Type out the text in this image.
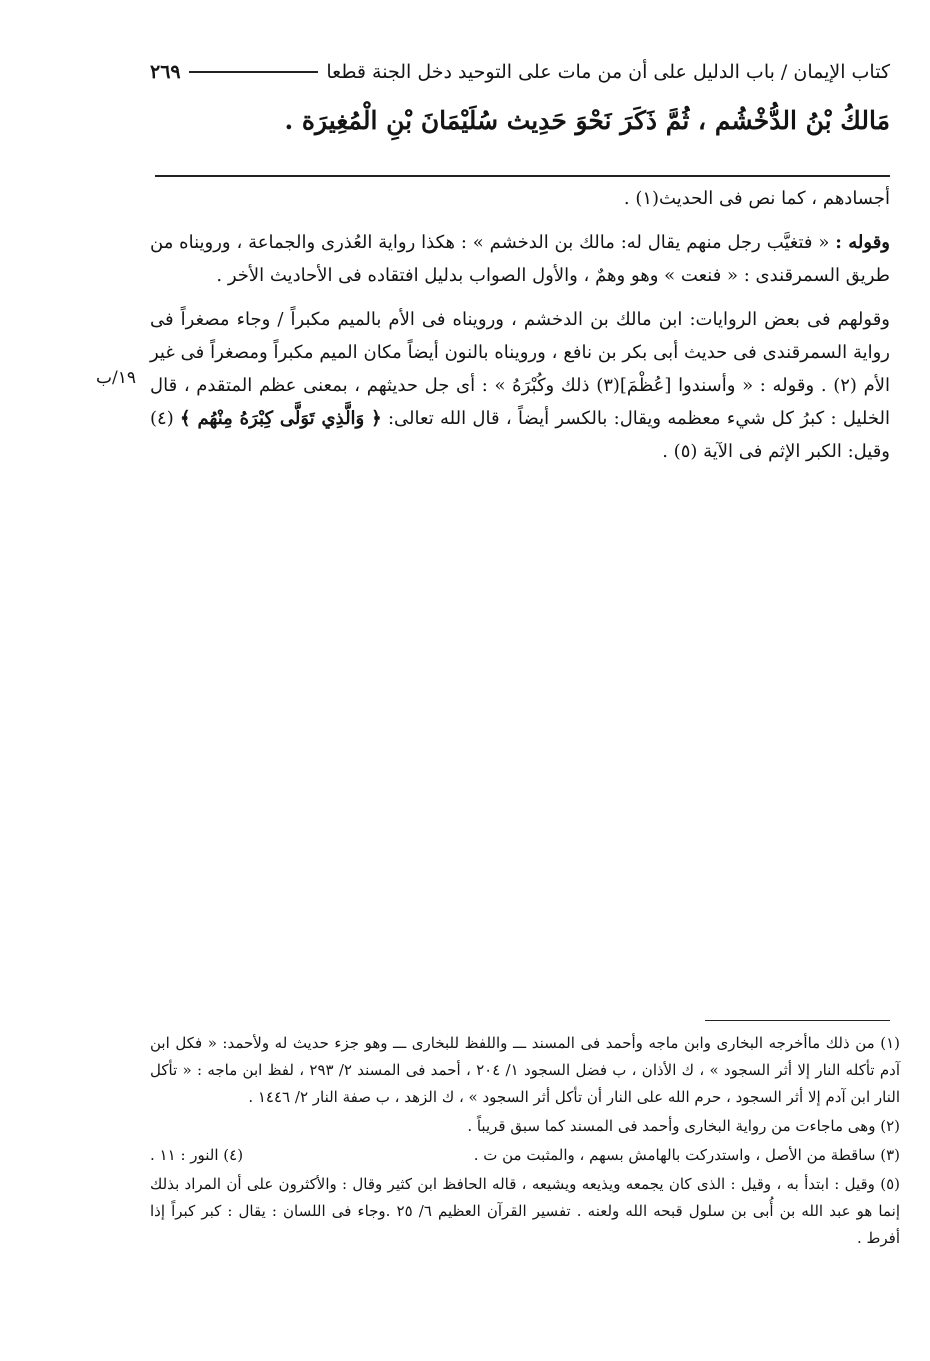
كتاب الإيمان / باب الدليل على أن من مات على التوحيد دخل الجنة قطعا
٢٦٩
مَالكُ بْنُ الدُّخْشُم ، ثُمَّ ذَكَرَ نَحْوَ حَدِيث سُلَيْمَانَ بْنِ الْمُغِيرَة .

أجسادهم ، كما نص فى الحديث(١) .

وقوله : « فتغيَّب رجل منهم يقال له: مالك بن الدخشم » : هكذا رواية العُذرى والجماعة ، ورويناه من طريق السمرقندى : « فنعت » وهو وهمٌ ، والأول الصواب بدليل افتقاده فى الأحاديث الأخر .

وقولهم فى بعض الروايات: ابن مالك بن الدخشم ، ورويناه فى الأم بالميم مكبراً / وجاء مصغراً فى رواية السمرقندى فى حديث أبى بكر بن نافع ، ورويناه بالنون أيضاً مكان الميم مكبراً ومصغراً فى غير الأم (٢) . وقوله : « وأسندوا [عُظْمَ](٣) ذلك وكُبْرَهُ » : أى جل حديثهم ، بمعنى عظم المتقدم ، قال الخليل : كبرُ كل شيء معظمه ويقال: بالكسر أيضاً ، قال الله تعالى: ﴿ وَالَّذِي تَوَلَّى كِبْرَهُ مِنْهُم ﴾ (٤) وقيل: الكبر الإثم فى الآية (٥) .

١٩/ب
(١) من ذلك ماأخرجه البخارى وابن ماجه وأحمد فى المسند ـــ واللفظ للبخارى ـــ وهو جزء حديث له ولأحمد: « فكل ابن آدم تأكله النار إلا أثر السجود » ، ك الأذان ، ب فضل السجود ١/ ٢٠٤ ، أحمد فى المسند ٢/ ٢٩٣ ، لفظ ابن ماجه : « تأكل النار ابن آدم إلا أثر السجود ، حرم الله على النار أن تأكل أثر السجود » ، ك الزهد ، ب صفة النار ٢/ ١٤٤٦ .
(٢) وهى ماجاءت من رواية البخارى وأحمد فى المسند كما سبق قريباً .
(٣) ساقطة من الأصل ، واستدركت بالهامش بسهم ، والمثبت من ت .
(٤) النور : ١١ .
(٥) وقيل : ابتدأ به ، وقيل : الذى كان يجمعه ويذيعه ويشيعه ، قاله الحافظ ابن كثير وقال : والأكثرون على أن المراد بذلك إنما هو عبد الله بن أُبى بن سلول قبحه الله ولعنه . تفسير القرآن العظيم ٦/ ٢٥ .وجاء فى اللسان : يقال : كبر كبراً إذا أفرط .
